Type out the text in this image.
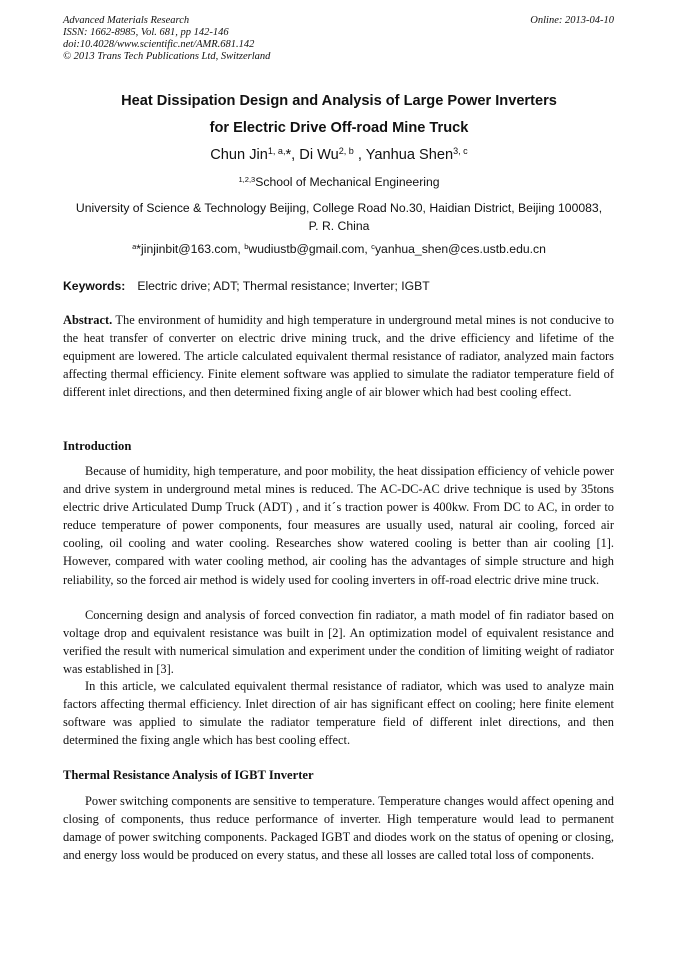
Advanced Materials Research
ISSN: 1662-8985, Vol. 681, pp 142-146
doi:10.4028/www.scientific.net/AMR.681.142
© 2013 Trans Tech Publications Ltd, Switzerland
Online: 2013-04-10
Heat Dissipation Design and Analysis of Large Power Inverters
for Electric Drive Off-road Mine Truck
Chun Jin$^{1, a,}$*, Di Wu$^{2, b}$ , Yanhua Shen$^{3, c}$
$^{1,2,3}$School of Mechanical Engineering
University of Science & Technology Beijing, College Road No.30, Haidian District, Beijing 100083,
P. R. China
$^a$*jinjinbit@163.com, $^b$wudiustb@gmail.com, $^c$yanhua_shen@ces.ustb.edu.cn
Keywords: Electric drive; ADT; Thermal resistance; Inverter; IGBT
Abstract. The environment of humidity and high temperature in underground metal mines is not conducive to the heat transfer of converter on electric drive mining truck, and the drive efficiency and lifetime of the equipment are lowered. The article calculated equivalent thermal resistance of radiator, analyzed main factors affecting thermal efficiency. Finite element software was applied to simulate the radiator temperature field of different inlet directions, and then determined fixing angle of air blower which had best cooling effect.
Introduction
Because of humidity, high temperature, and poor mobility, the heat dissipation efficiency of vehicle power and drive system in underground metal mines is reduced. The AC-DC-AC drive technique is used by 35tons electric drive Articulated Dump Truck (ADT) , and itˊs traction power is 400kw. From DC to AC, in order to reduce temperature of power components, four measures are usually used, natural air cooling, forced air cooling, oil cooling and water cooling. Researches show watered cooling is better than air cooling [1]. However, compared with water cooling method, air cooling has the advantages of simple structure and high reliability, so the forced air method is widely used for cooling inverters in off-road electric drive mine truck.
Concerning design and analysis of forced convection fin radiator, a math model of fin radiator based on voltage drop and equivalent resistance was built in [2]. An optimization model of equivalent resistance and verified the result with numerical simulation and experiment under the condition of limiting weight of radiator was established in [3].
In this article, we calculated equivalent thermal resistance of radiator, which was used to analyze main factors affecting thermal efficiency. Inlet direction of air has significant effect on cooling; here finite element software was applied to simulate the radiator temperature field of different inlet directions, and then determined the fixing angle which has best cooling effect.
Thermal Resistance Analysis of IGBT Inverter
Power switching components are sensitive to temperature. Temperature changes would affect opening and closing of components, thus reduce performance of inverter. High temperature would lead to permanent damage of power switching components. Packaged IGBT and diodes work on the status of opening or closing, and energy loss would be produced on every status, and these all losses are called total loss of components.
